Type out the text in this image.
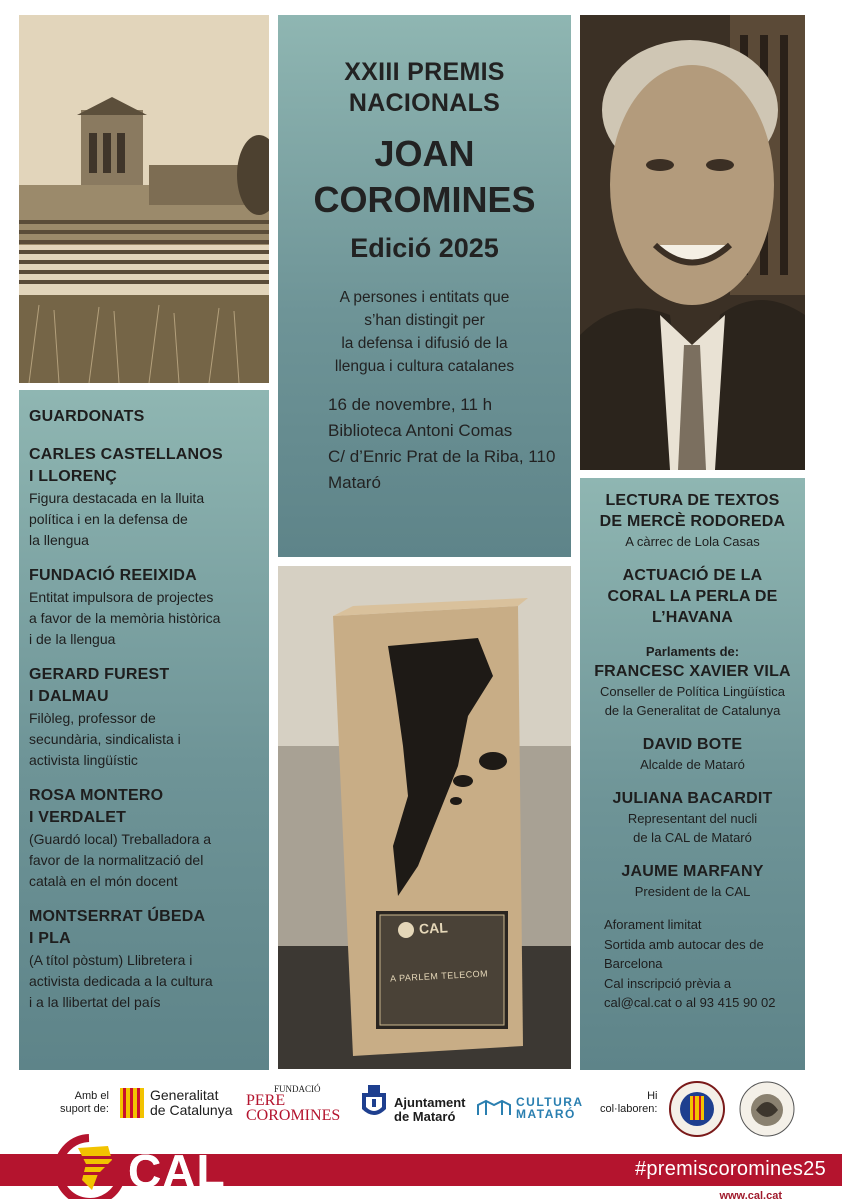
XXIII PREMIS
NACIONALS
JOAN
COROMINES
Edició 2025
A persones i entitats que
s’han distingit per
la defensa i difusió de la
llengua i cultura catalanes
16 de novembre, 11 h
Biblioteca Antoni Comas
C/ d’Enric Prat de la Riba, 110
Mataró
GUARDONATS
CARLES CASTELLANOS
I LLORENÇ
Figura destacada en la lluita
política i en la defensa de
la llengua
FUNDACIÓ REEIXIDA
Entitat impulsora de projectes
a favor de la memòria històrica
i de la llengua
GERARD FUREST
I DALMAU
Filòleg, professor de
secundària, sindicalista i
activista lingüístic
ROSA MONTERO
I VERDALET
(Guardó local) Treballadora a
favor de la normalització del
català en el món docent
MONTSERRAT ÚBEDA
I PLA
(A títol pòstum) Llibretera i
activista dedicada a la cultura
i a la llibertat del país
CAL
A PARLEM TELECOM
LECTURA DE TEXTOS
DE MERCÈ RODOREDA
A càrrec de Lola Casas
ACTUACIÓ DE LA
CORAL LA PERLA DE
L’HAVANA
Parlaments de:
FRANCESC XAVIER VILA
Conseller de Política Lingüística
de la Generalitat de Catalunya
DAVID BOTE
Alcalde de Mataró
JULIANA BACARDIT
Representant del nucli
de la CAL de Mataró
JAUME MARFANY
President de la CAL
Aforament limitat
Sortida amb autocar des de
Barcelona
Cal inscripció prèvia a
cal@cal.cat o al 93 415 90 02
Amb el
suport de:
Generalitat
de Catalunya
FUNDACIÓ
PERE
COROMINES
Ajuntament
de Mataró
CULTURA
MATARÓ
Hi
col·laboren:
CAL	#premiscoromines25
www.cal.cat
